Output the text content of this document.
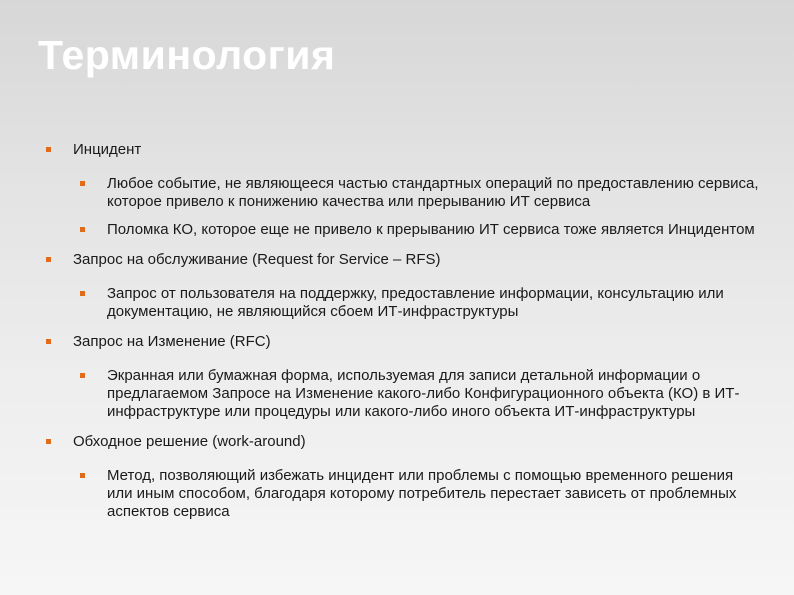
Терминология
Инцидент
Любое событие, не являющееся частью стандартных операций по предоставлению сервиса, которое привело к понижению качества или прерыванию ИТ сервиса
Поломка КО, которое еще не привело к прерыванию ИТ сервиса тоже является Инцидентом
Запрос на обслуживание (Request for Service – RFS)
Запрос от пользователя на поддержку, предоставление информации, консультацию или документацию, не являющийся сбоем ИТ-инфраструктуры
Запрос на Изменение (RFC)
Экранная или бумажная форма, используемая для записи детальной информации о предлагаемом Запросе на Изменение какого-либо Конфигурационного объекта (КО) в ИТ-инфраструктуре или процедуры или какого-либо иного объекта ИТ-инфраструктуры
Обходное решение (work-around)
Метод, позволяющий избежать инцидент или проблемы с помощью временного решения или иным способом, благодаря которому потребитель перестает зависеть от проблемных аспектов сервиса
